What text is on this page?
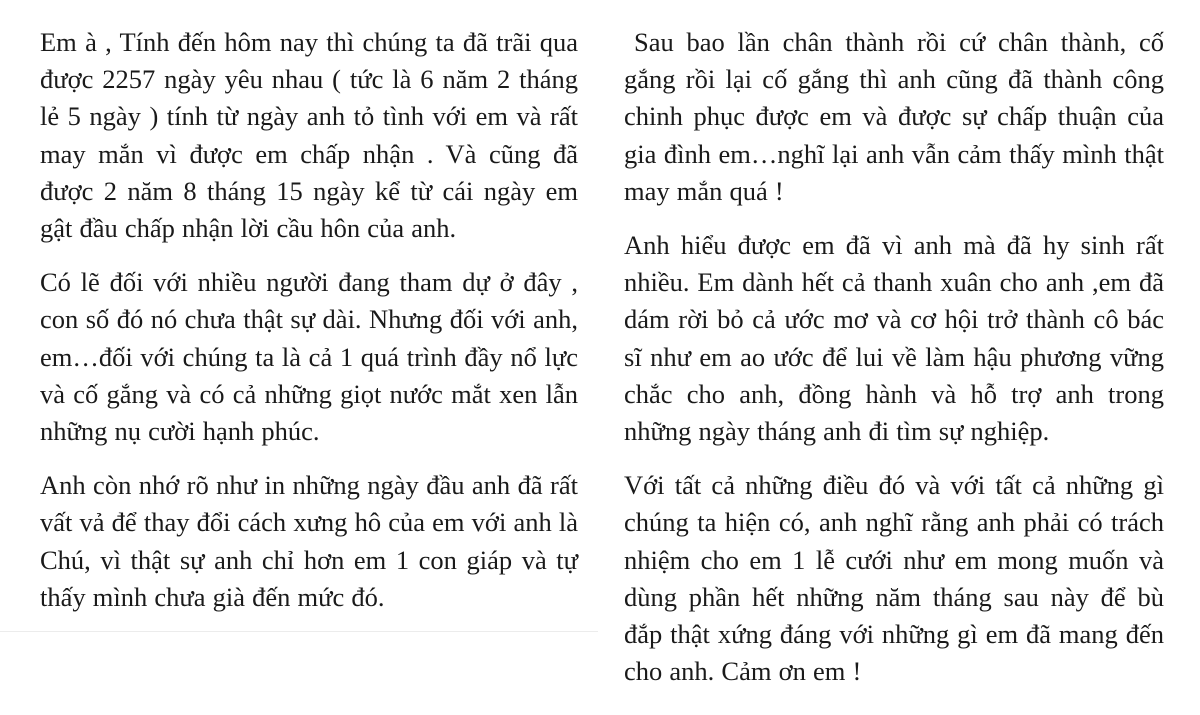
Em à , Tính đến hôm nay thì chúng ta đã trãi qua được 2257 ngày yêu nhau ( tức là 6 năm 2 tháng lẻ 5 ngày ) tính từ ngày anh tỏ tình với em và rất may mắn vì được em chấp nhận . Và cũng đã được 2 năm 8 tháng 15 ngày kể từ cái ngày em gật đầu chấp nhận lời cầu hôn của anh.

Có lẽ đối với nhiều người đang tham dự ở đây , con số đó nó chưa thật sự dài. Nhưng đối với anh, em…đối với chúng ta là cả 1 quá trình đầy nổ lực và cố gắng và có cả những giọt nước mắt xen lẫn những nụ cười hạnh phúc.

Anh còn nhớ rõ như in những ngày đầu anh đã rất vất vả để thay đổi cách xưng hô của em với anh là Chú, vì thật sự anh chỉ hơn em 1 con giáp và tự thấy mình chưa già đến mức đó.

Sau bao lần chân thành rồi cứ chân thành, cố gắng rồi lại cố gắng thì anh cũng đã thành công chinh phục được em và được sự chấp thuận của gia đình em…nghĩ lại anh vẫn cảm thấy mình thật may mắn quá !

Anh hiểu được em đã vì anh mà đã hy sinh rất nhiều. Em dành hết cả thanh xuân cho anh ,em đã dám rời bỏ cả ước mơ và cơ hội trở thành cô bác sĩ như em ao ước để lui về làm hậu phương vững chắc cho anh, đồng hành và hỗ trợ anh trong những ngày tháng anh đi tìm sự nghiệp.

Với tất cả những điều đó và với tất cả những gì chúng ta hiện có, anh nghĩ rằng anh phải có trách nhiệm cho em 1 lễ cưới như em mong muốn và dùng phần hết những năm tháng sau này để bù đắp thật xứng đáng với những gì em đã mang đến cho anh. Cảm ơn em !
